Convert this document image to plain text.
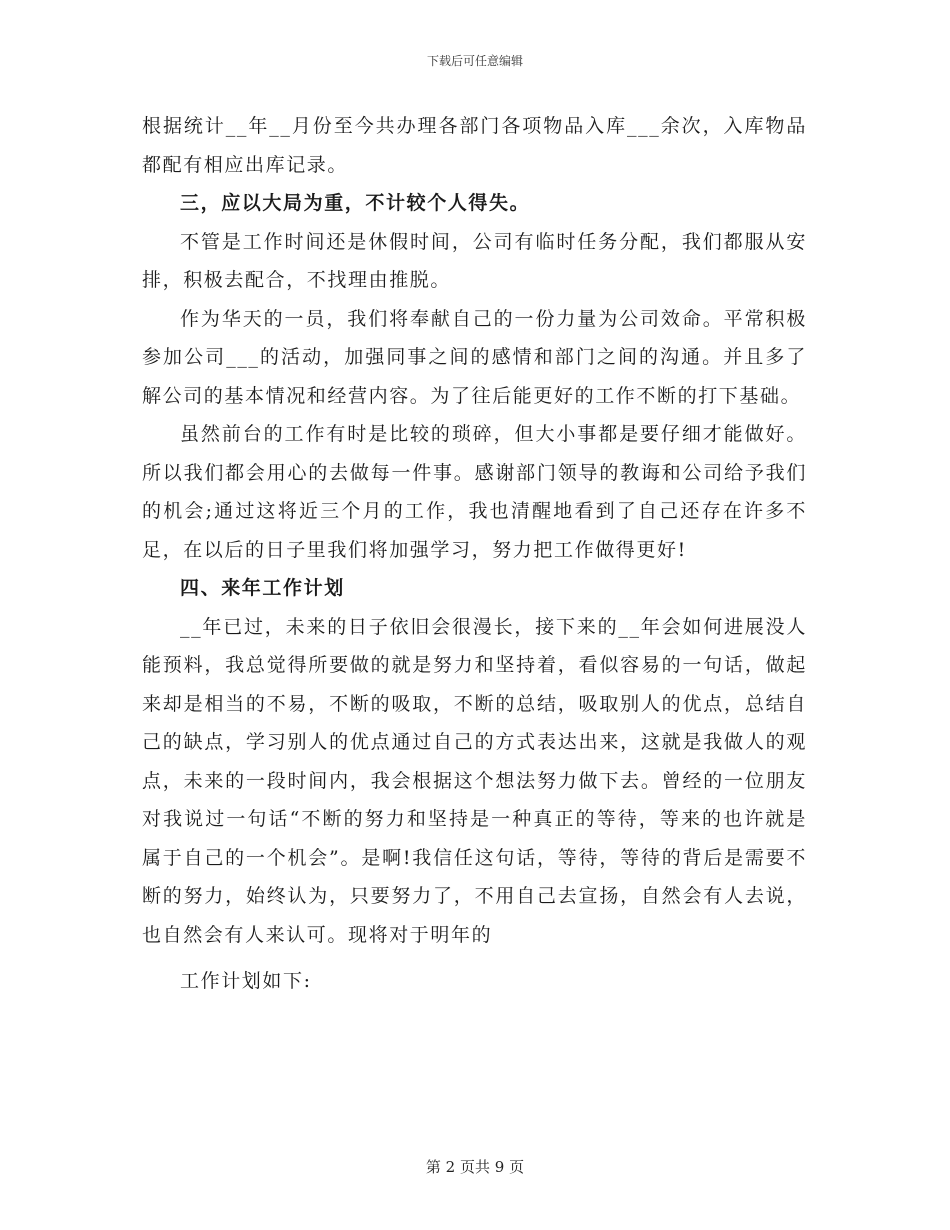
下载后可任意编辑

根据统计__年__月份至今共办理各部门各项物品入库___余次，入库物品都配有相应出库记录。

三，应以大局为重，不计较个人得失。

不管是工作时间还是休假时间，公司有临时任务分配，我们都服从安排，积极去配合，不找理由推脱。

作为华天的一员，我们将奉献自己的一份力量为公司效命。平常积极参加公司___的活动，加强同事之间的感情和部门之间的沟通。并且多了解公司的基本情况和经营内容。为了往后能更好的工作不断的打下基础。

虽然前台的工作有时是比较的琐碎，但大小事都是要仔细才能做好。所以我们都会用心的去做每一件事。感谢部门领导的教诲和公司给予我们的机会;通过这将近三个月的工作，我也清醒地看到了自己还存在许多不足，在以后的日子里我们将加强学习，努力把工作做得更好!

四、来年工作计划

__年已过，未来的日子依旧会很漫长，接下来的__年会如何进展没人能预料，我总觉得所要做的就是努力和坚持着，看似容易的一句话，做起来却是相当的不易，不断的吸取，不断的总结，吸取别人的优点，总结自己的缺点，学习别人的优点通过自己的方式表达出来，这就是我做人的观点，未来的一段时间内，我会根据这个想法努力做下去。曾经的一位朋友对我说过一句话“不断的努力和坚持是一种真正的等待，等来的也许就是属于自己的一个机会”。是啊!我信任这句话，等待，等待的背后是需要不断的努力，始终认为，只要努力了，不用自己去宣扬，自然会有人去说，也自然会有人来认可。现将对于明年的

工作计划如下:

第 2 页共 9 页
